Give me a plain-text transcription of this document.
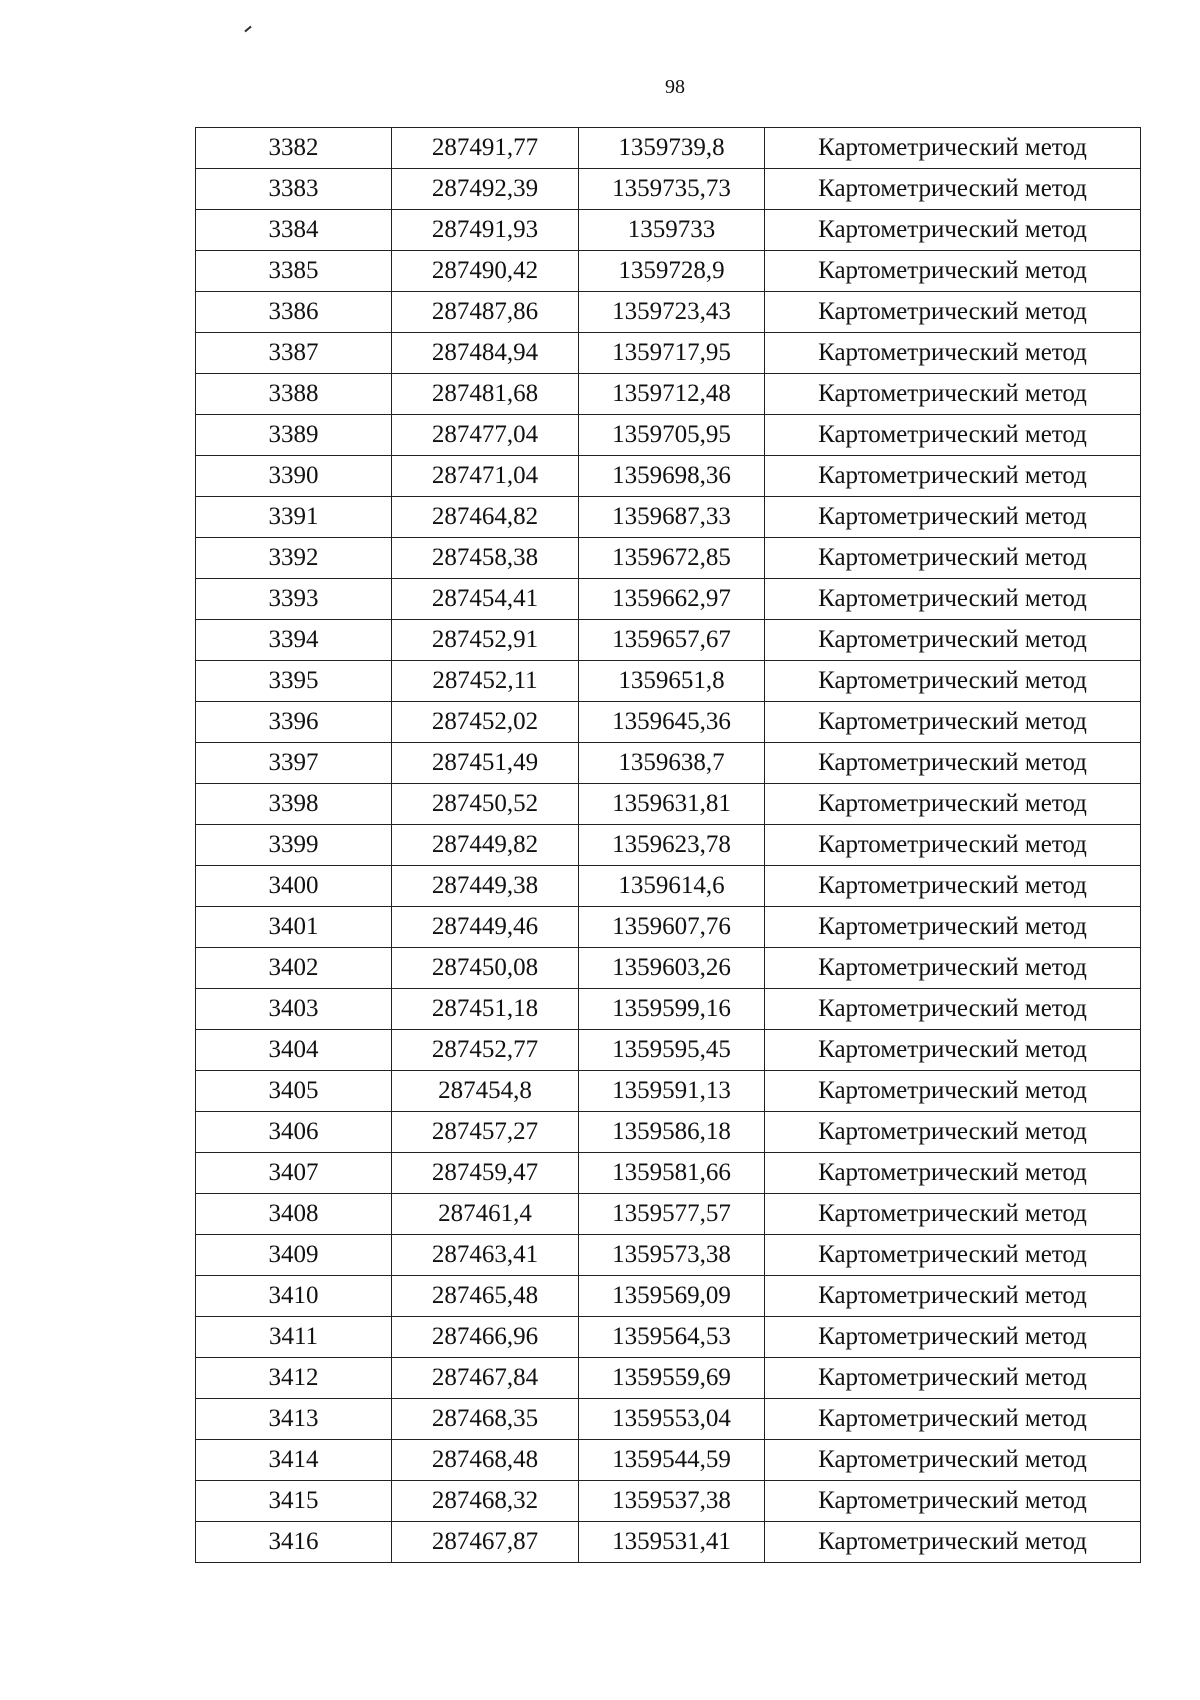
98
3382	287491,77	1359739,8	Картометрический метод
3383	287492,39	1359735,73	Картометрический метод
3384	287491,93	1359733	Картометрический метод
3385	287490,42	1359728,9	Картометрический метод
3386	287487,86	1359723,43	Картометрический метод
3387	287484,94	1359717,95	Картометрический метод
3388	287481,68	1359712,48	Картометрический метод
3389	287477,04	1359705,95	Картометрический метод
3390	287471,04	1359698,36	Картометрический метод
3391	287464,82	1359687,33	Картометрический метод
3392	287458,38	1359672,85	Картометрический метод
3393	287454,41	1359662,97	Картометрический метод
3394	287452,91	1359657,67	Картометрический метод
3395	287452,11	1359651,8	Картометрический метод
3396	287452,02	1359645,36	Картометрический метод
3397	287451,49	1359638,7	Картометрический метод
3398	287450,52	1359631,81	Картометрический метод
3399	287449,82	1359623,78	Картометрический метод
3400	287449,38	1359614,6	Картометрический метод
3401	287449,46	1359607,76	Картометрический метод
3402	287450,08	1359603,26	Картометрический метод
3403	287451,18	1359599,16	Картометрический метод
3404	287452,77	1359595,45	Картометрический метод
3405	287454,8	1359591,13	Картометрический метод
3406	287457,27	1359586,18	Картометрический метод
3407	287459,47	1359581,66	Картометрический метод
3408	287461,4	1359577,57	Картометрический метод
3409	287463,41	1359573,38	Картометрический метод
3410	287465,48	1359569,09	Картометрический метод
3411	287466,96	1359564,53	Картометрический метод
3412	287467,84	1359559,69	Картометрический метод
3413	287468,35	1359553,04	Картометрический метод
3414	287468,48	1359544,59	Картометрический метод
3415	287468,32	1359537,38	Картометрический метод
3416	287467,87	1359531,41	Картометрический метод
